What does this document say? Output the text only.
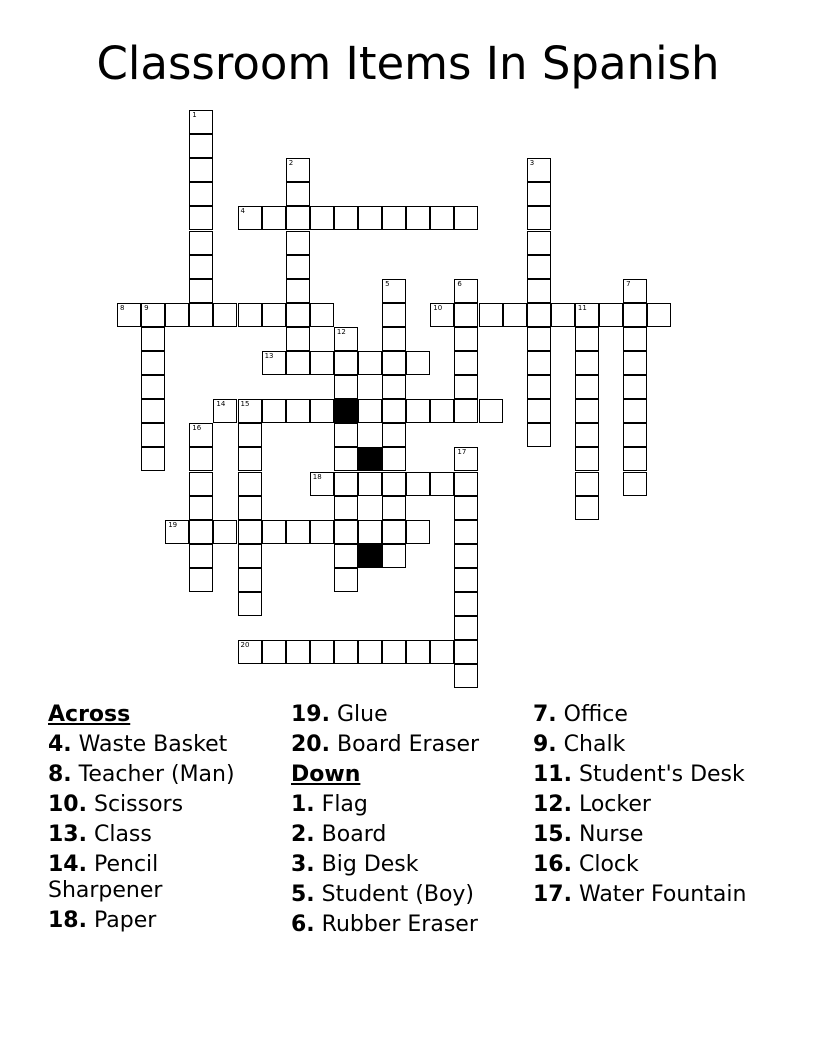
Classroom Items In Spanish
1
2	3
4
5	6	7
8	9	10	11
12
13
14 15
16
17
18
19
20
Across
4. Waste Basket
8. Teacher (Man)
10. Scissors
13. Class
14. Pencil Sharpener
18. Paper
19. Glue
20. Board Eraser
Down
1. Flag
2. Board
3. Big Desk
5. Student (Boy)
6. Rubber Eraser
7. Office
9. Chalk
11. Student's Desk
12. Locker
15. Nurse
16. Clock
17. Water Fountain
